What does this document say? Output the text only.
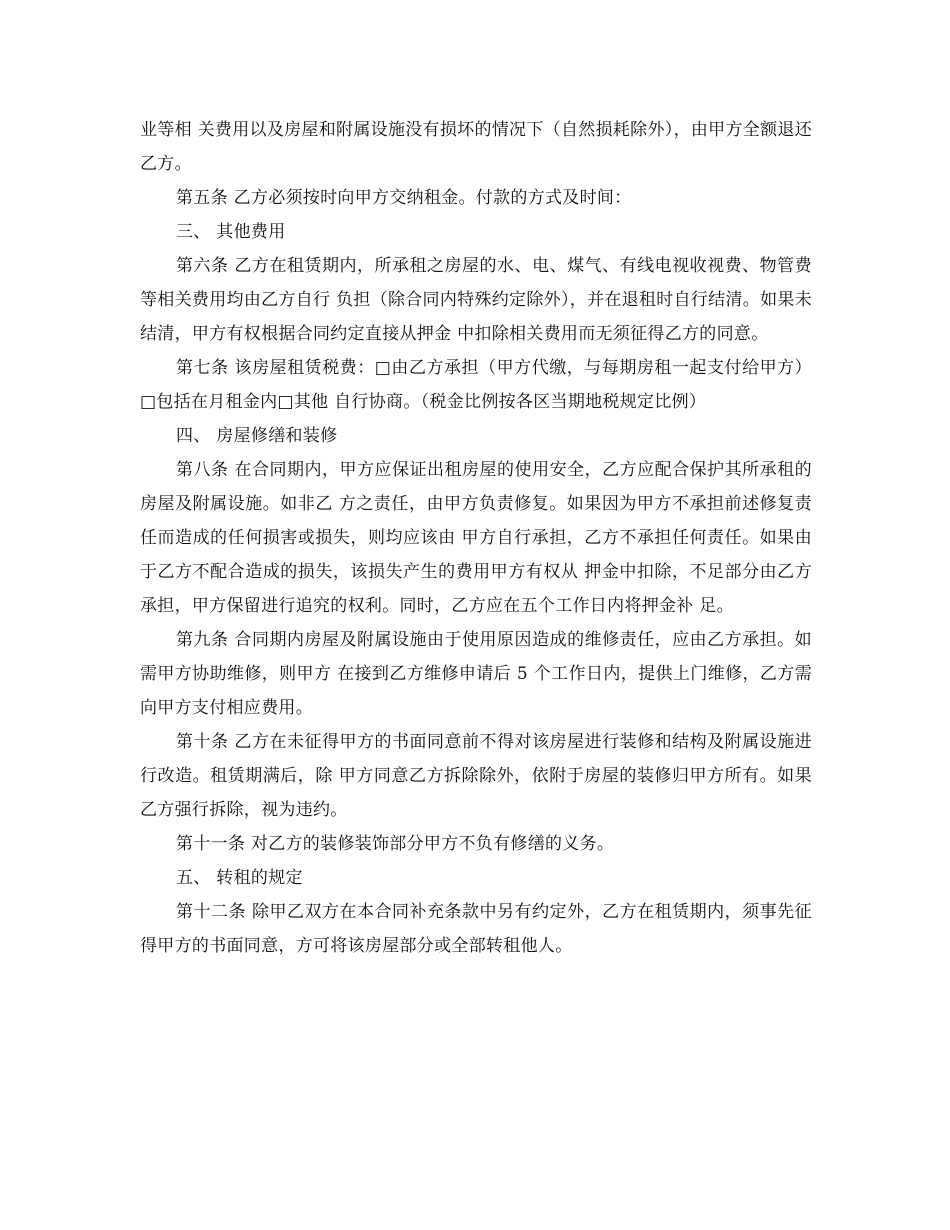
业等相 关费用以及房屋和附属设施没有损坏的情况下（自然损耗除外），由甲方全额退还乙方。

第五条 乙方必须按时向甲方交纳租金。付款的方式及时间：

三、 其他费用

第六条 乙方在租赁期内，所承租之房屋的水、电、煤气、有线电视收视费、物管费等相关费用均由乙方自行 负担（除合同内特殊约定除外），并在退租时自行结清。如果未结清，甲方有权根据合同约定直接从押金 中扣除相关费用而无须征得乙方的同意。

第七条 该房屋租赁税费：□由乙方承担（甲方代缴，与每期房租一起支付给甲方）□包括在月租金内□其他 自行协商。（税金比例按各区当期地税规定比例）

四、 房屋修缮和装修

第八条 在合同期内，甲方应保证出租房屋的使用安全，乙方应配合保护其所承租的房屋及附属设施。如非乙 方之责任，由甲方负责修复。如果因为甲方不承担前述修复责任而造成的任何损害或损失，则均应该由 甲方自行承担，乙方不承担任何责任。如果由于乙方不配合造成的损失，该损失产生的费用甲方有权从 押金中扣除，不足部分由乙方承担，甲方保留进行追究的权利。同时，乙方应在五个工作日内将押金补 足。

第九条 合同期内房屋及附属设施由于使用原因造成的维修责任，应由乙方承担。如需甲方协助维修，则甲方 在接到乙方维修申请后 5 个工作日内，提供上门维修，乙方需向甲方支付相应费用。

第十条 乙方在未征得甲方的书面同意前不得对该房屋进行装修和结构及附属设施进行改造。租赁期满后，除 甲方同意乙方拆除除外，依附于房屋的装修归甲方所有。如果乙方强行拆除，视为违约。

第十一条 对乙方的装修装饰部分甲方不负有修缮的义务。

五、 转租的规定

第十二条 除甲乙双方在本合同补充条款中另有约定外，乙方在租赁期内，须事先征得甲方的书面同意，方可将该房屋部分或全部转租他人。
